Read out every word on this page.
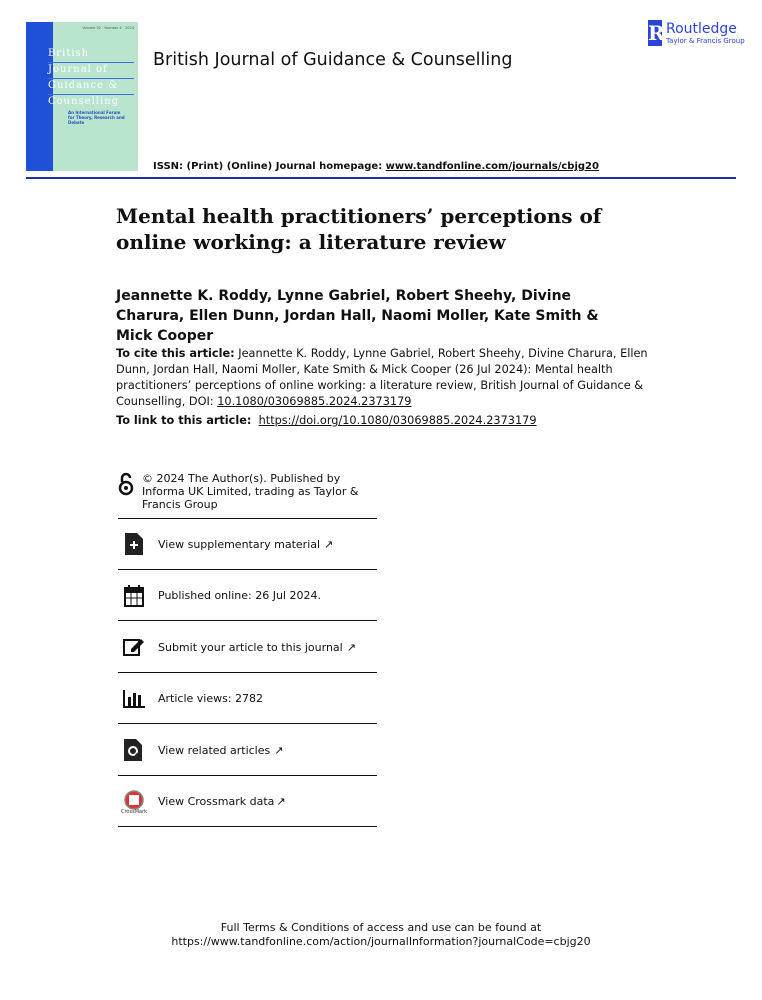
Volume 52 · Number 4 · 2024
British
Journal of
Guidance &
Counselling
An International Forum for Theory, Research and Debate
British Journal of Guidance & Counselling
R Routledge
Taylor & Francis Group
ISSN: (Print) (Online) Journal homepage: www.tandfonline.com/journals/cbjg20
Mental health practitioners’ perceptions of online working: a literature review
Jeannette K. Roddy, Lynne Gabriel, Robert Sheehy, Divine Charura, Ellen Dunn, Jordan Hall, Naomi Moller, Kate Smith & Mick Cooper
To cite this article: Jeannette K. Roddy, Lynne Gabriel, Robert Sheehy, Divine Charura, Ellen Dunn, Jordan Hall, Naomi Moller, Kate Smith & Mick Cooper (26 Jul 2024): Mental health practitioners’ perceptions of online working: a literature review, British Journal of Guidance & Counselling, DOI: 10.1080/03069885.2024.2373179
To link to this article: https://doi.org/10.1080/03069885.2024.2373179
© 2024 The Author(s). Published by Informa UK Limited, trading as Taylor & Francis Group
View supplementary material ↗
Published online: 26 Jul 2024.
Submit your article to this journal ↗
Article views: 2782
View related articles ↗
CrossMark
View Crossmark data ↗
Full Terms & Conditions of access and use can be found at
https://www.tandfonline.com/action/journalInformation?journalCode=cbjg20
